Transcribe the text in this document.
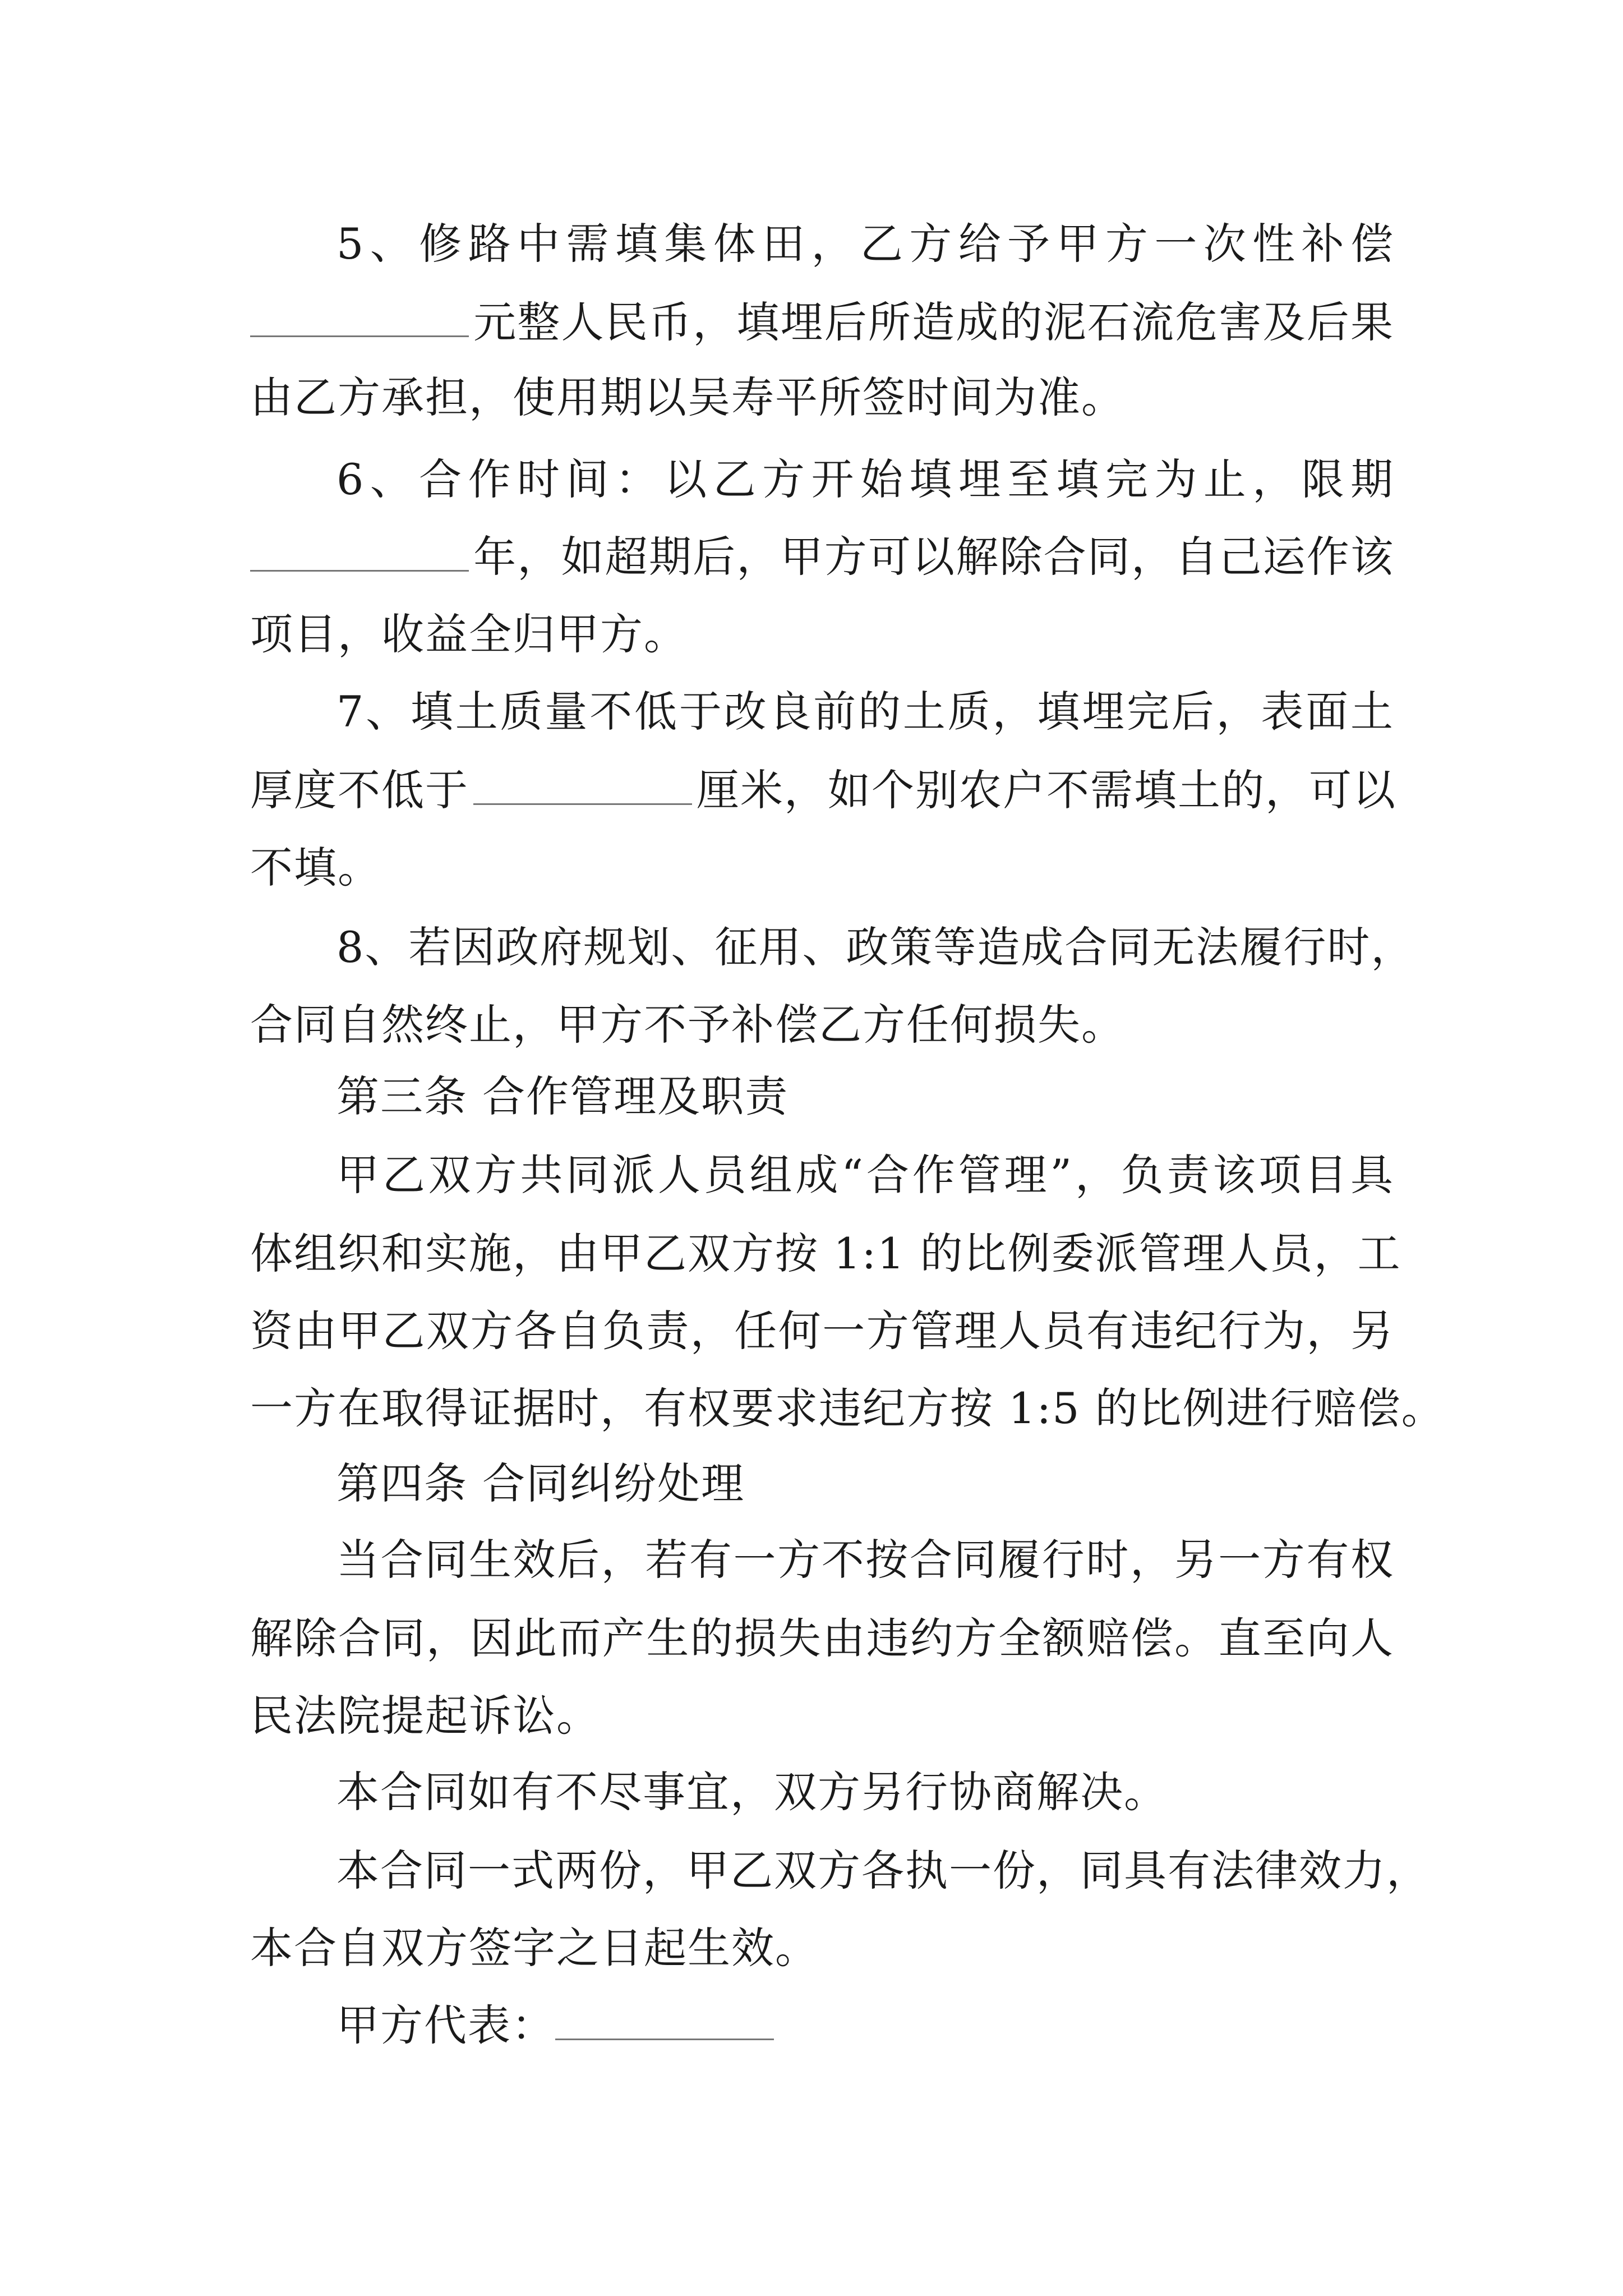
5、修路中需填集体田，乙方给予甲方一次性补偿
元整人民币，填埋后所造成的泥石流危害及后果
由乙方承担，使用期以吴寿平所签时间为准。
6、合作时间：以乙方开始填埋至填完为止，限期
年，如超期后，甲方可以解除合同，自己运作该
项目，收益全归甲方。
7、填土质量不低于改良前的土质，填埋完后，表面土
厚度不低于	厘米，如个别农户不需填土的，可以
不填。
8、若因政府规划、征用、政策等造成合同无法履行时，
合同自然终止，甲方不予补偿乙方任何损失。
第三条 合作管理及职责
甲乙双方共同派人员组成“合作管理”，负责该项目具
体组织和实施，由甲乙双方按 1:1 的比例委派管理人员，工
资由甲乙双方各自负责，任何一方管理人员有违纪行为，另
一方在取得证据时，有权要求违纪方按 1:5 的比例进行赔偿。
第四条 合同纠纷处理
当合同生效后，若有一方不按合同履行时，另一方有权
解除合同，因此而产生的损失由违约方全额赔偿。直至向人
民法院提起诉讼。
本合同如有不尽事宜，双方另行协商解决。
本合同一式两份，甲乙双方各执一份，同具有法律效力，
本合自双方签字之日起生效。
甲方代表：
